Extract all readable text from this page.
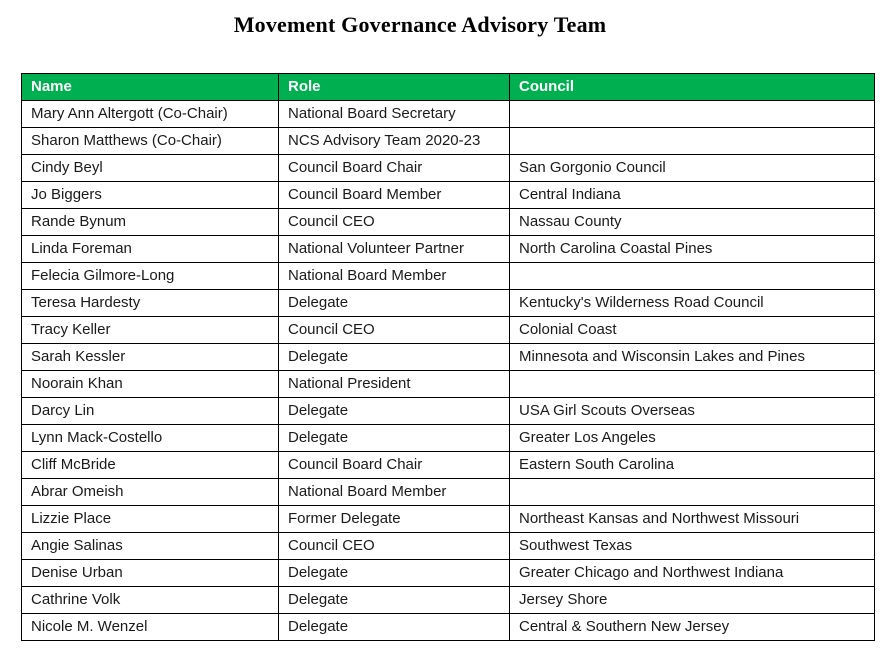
Movement Governance Advisory Team
Name	Role	Council
Mary Ann Altergott (Co-Chair)	National Board Secretary	
Sharon Matthews (Co-Chair)	NCS Advisory Team 2020-23	
Cindy Beyl	Council Board Chair	San Gorgonio Council
Jo Biggers	Council Board Member	Central Indiana
Rande Bynum	Council CEO	Nassau County
Linda Foreman	National Volunteer Partner	North Carolina Coastal Pines
Felecia Gilmore-Long	National Board Member	
Teresa Hardesty	Delegate	Kentucky's Wilderness Road Council
Tracy Keller	Council CEO	Colonial Coast
Sarah Kessler	Delegate	Minnesota and Wisconsin Lakes and Pines
Noorain Khan	National President	
Darcy Lin	Delegate	USA Girl Scouts Overseas
Lynn Mack-Costello	Delegate	Greater Los Angeles
Cliff McBride	Council Board Chair	Eastern South Carolina
Abrar Omeish	National Board Member	
Lizzie Place	Former Delegate	Northeast Kansas and Northwest Missouri
Angie Salinas	Council CEO	Southwest Texas
Denise Urban	Delegate	Greater Chicago and Northwest Indiana
Cathrine Volk	Delegate	Jersey Shore
Nicole M. Wenzel	Delegate	Central & Southern New Jersey
